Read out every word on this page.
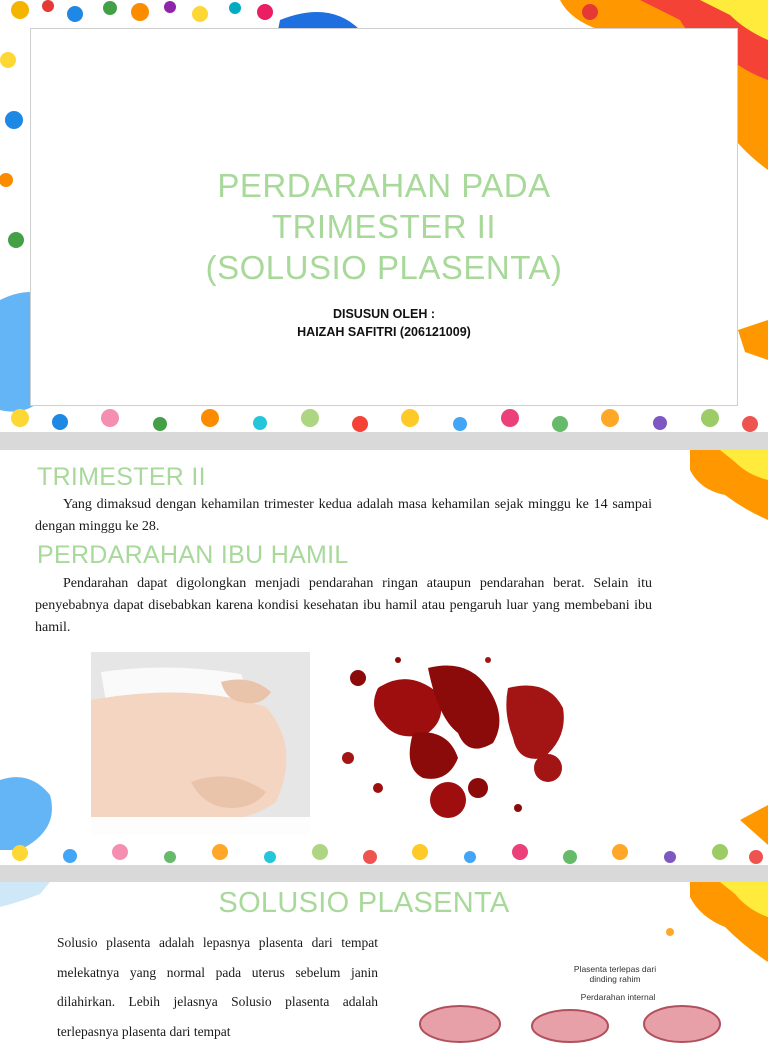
PERDARAHAN PADA
TRIMESTER II
(SOLUSIO PLASENTA)
DISUSUN OLEH :
HAIZAH SAFITRI (206121009)
TRIMESTER II
Yang dimaksud dengan kehamilan trimester kedua adalah masa kehamilan sejak minggu ke 14 sampai dengan minggu ke 28.
PERDARAHAN IBU HAMIL
Pendarahan dapat digolongkan menjadi pendarahan ringan ataupun pendarahan berat. Selain itu penyebabnya dapat disebabkan karena kondisi kesehatan ibu hamil atau pengaruh luar yang membebani ibu hamil.
SOLUSIO PLASENTA
Solusio plasenta adalah lepasnya plasenta dari tempat melekatnya yang normal pada uterus sebelum janin dilahirkan. Lebih jelasnya Solusio plasenta adalah terlepasnya plasenta dari tempat
Plasenta terlepas dari dinding rahim
Perdarahan internal
